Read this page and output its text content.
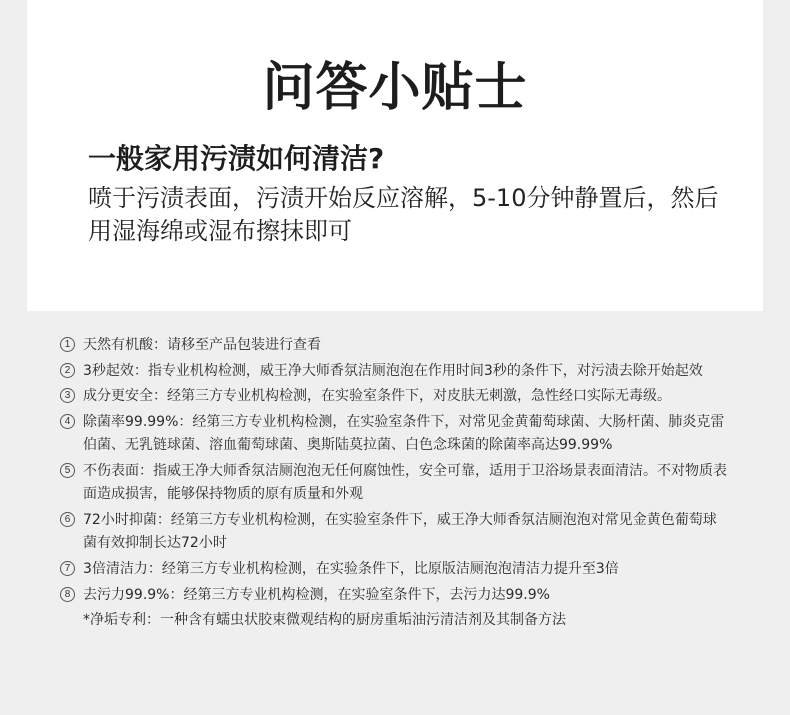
问答小贴士
一般家用污渍如何清洁?
喷于污渍表面，污渍开始反应溶解，5-10分钟静置后，然后用湿海绵或湿布擦抹即可
1 天然有机酸：请移至产品包装进行查看
2 3秒起效：指专业机构检测，威王净大师香氛洁厕泡泡在作用时间3秒的条件下，对污渍去除开始起效
3 成分更安全：经第三方专业机构检测，在实验室条件下，对皮肤无刺激，急性经口实际无毒级。
4 除菌率99.99%：经第三方专业机构检测，在实验室条件下，对常见金黄葡萄球菌、大肠杆菌、肺炎克雷伯菌、无乳链球菌、溶血葡萄球菌、奥斯陆莫拉菌、白色念珠菌的除菌率高达99.99%
5 不伤表面：指威王净大师香氛洁厕泡泡无任何腐蚀性，安全可靠，适用于卫浴场景表面清洁。不对物质表面造成损害，能够保持物质的原有质量和外观
6 72小时抑菌：经第三方专业机构检测，在实验室条件下，威王净大师香氛洁厕泡泡对常见金黄色葡萄球菌有效抑制长达72小时
7 3倍清洁力：经第三方专业机构检测，在实验条件下，比原版洁厕泡泡清洁力提升至3倍
8 去污力99.9%：经第三方专业机构检测，在实验室条件下，去污力达99.9%
*净垢专利：一种含有蠕虫状胶束微观结构的厨房重垢油污清洁剂及其制备方法
